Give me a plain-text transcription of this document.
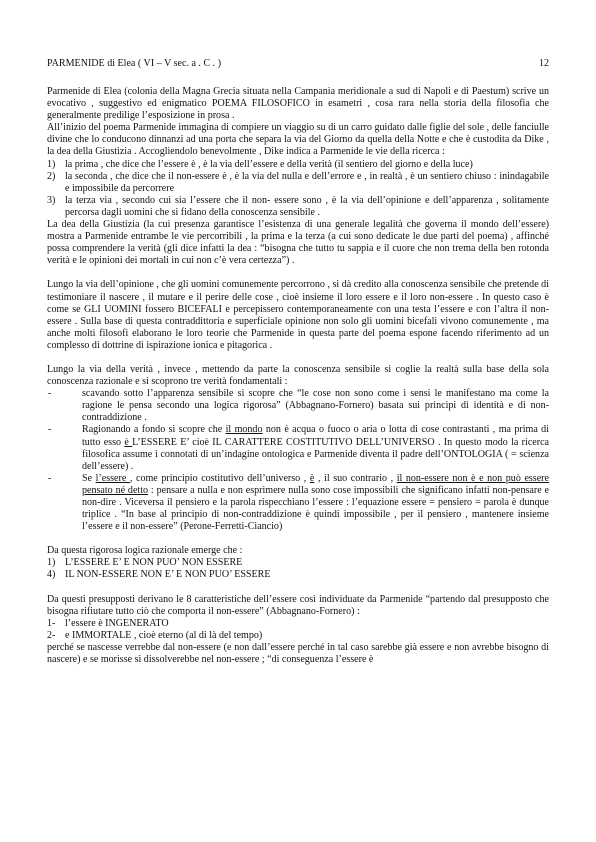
PARMENIDE di Elea ( VI – V sec. a . C . )	12

Parmenide di Elea (colonia della Magna Grecia situata nella Campania meridionale a sud di Napoli e di Paestum) scrive un evocativo , suggestivo ed enigmatico POEMA FILOSOFICO in esametri , cosa rara nella storia della filosofia che generalmente predilige l’esposizione in prosa .

All’inizio del poema Parmenide immagina di compiere un viaggio su di un carro guidato dalle figlie del sole , delle fanciulle divine che lo conducono dinnanzi ad una porta che separa la via del Giorno da quella della Notte e che è custodita da Dike , la dea della Giustizia . Accogliendolo benevolmente , Dike indica a Parmenide le vie della ricerca :

1) la prima , che dice che l’essere è , è la via dell’essere e della verità (il sentiero del giorno e della luce)
2) la seconda , che dice che il non-essere è , è la via del nulla e dell’errore e , in realtà , è un sentiero chiuso : inindagabile e impossibile da percorrere
3) la terza via , secondo cui sia l’essere che il non- essere sono , è la via dell’opinione e dell’apparenza , solitamente percorsa dagli uomini che si fidano della conoscenza sensibile .

La dea della Giustizia (la cui presenza garantisce l’esistenza di una generale legalità che governa il mondo dell’essere) mostra a Parmenide entrambe le vie percorribili , la prima e la terza (a cui sono dedicate le due parti del poema) , affinché possa comprendere la verità (gli dice infatti la dea : “bisogna che tutto tu sappia e il cuore che non trema della ben rotonda verità e le opinioni dei mortali in cui non c’è vera certezza”) .

Lungo la via dell’opinione , che gli uomini comunemente percorrono , si dà credito alla conoscenza sensibile che pretende di testimoniare il nascere , il mutare e il perire delle cose , cioè insieme il loro essere e il loro non-essere . In questo caso è come se GLI UOMINI fossero BICEFALI e percepissero contemporaneamente con una testa l’essere e con l’altra il non-essere . Sulla base di questa contraddittoria e superficiale opinione non solo gli uomini bicefali vivono comunemente , ma anche molti filosofi elaborano le loro teorie che Parmenide in questa parte del poema espone facendo riferimento ad un complesso di dottrine di ispirazione ionica e pitagorica .

Lungo la via della verità , invece , mettendo da parte la conoscenza sensibile si coglie la realtà sulla base della sola conoscenza razionale e si scoprono tre verità fondamentali :

-	scavando sotto l’apparenza sensibile si scopre che “le cose non sono come i sensi le manifestano ma come la ragione le pensa secondo una logica rigorosa” (Abbagnano-Fornero) basata sui principi di identità e di non-contraddizione .
-	Ragionando a fondo si scopre che il mondo non è acqua o fuoco o aria o lotta di cose contrastanti , ma prima di tutto esso è L’ESSERE E’ cioè IL CARATTERE COSTITUTIVO DELL’UNIVERSO . In questo modo la ricerca filosofica assume i connotati di un’indagine ontologica e Parmenide diventa il padre dell’ONTOLOGIA ( = scienza dell’essere) .
-	Se l’essere , come principio costitutivo dell’universo , è , il suo contrario , il non-essere non è e non può essere pensato né detto : pensare a nulla e non esprimere nulla sono cose impossibili che significano infatti non-pensare e non-dire . Viceversa il pensiero e la parola rispecchiano l’essere : l’equazione essere = pensiero = parola è dunque triplice . “In base al principio di non-contraddizione è quindi impossibile , per il pensiero , mantenere insieme l’essere e il non-essere” (Perone-Ferretti-Ciancio)

Da questa rigorosa logica razionale emerge che :

1) L’ESSERE E’ E NON PUO’ NON ESSERE
4) IL NON-ESSERE NON E’ E NON PUO’ ESSERE

Da questi presupposti derivano le 8 caratteristiche dell’essere così individuate da Parmenide “partendo dal presupposto che bisogna rifiutare tutto ciò che comporta il non-essere” (Abbagnano-Fornero) :

1- l’essere è INGENERATO
2- e IMMORTALE , cioè eterno (al di là del tempo)

perché se nascesse verrebbe dal non-essere (e non dall’essere perché in tal caso sarebbe già essere e non avrebbe bisogno di nascere) e se morisse si dissolverebbe nel non-essere ; “di conseguenza l’essere è
